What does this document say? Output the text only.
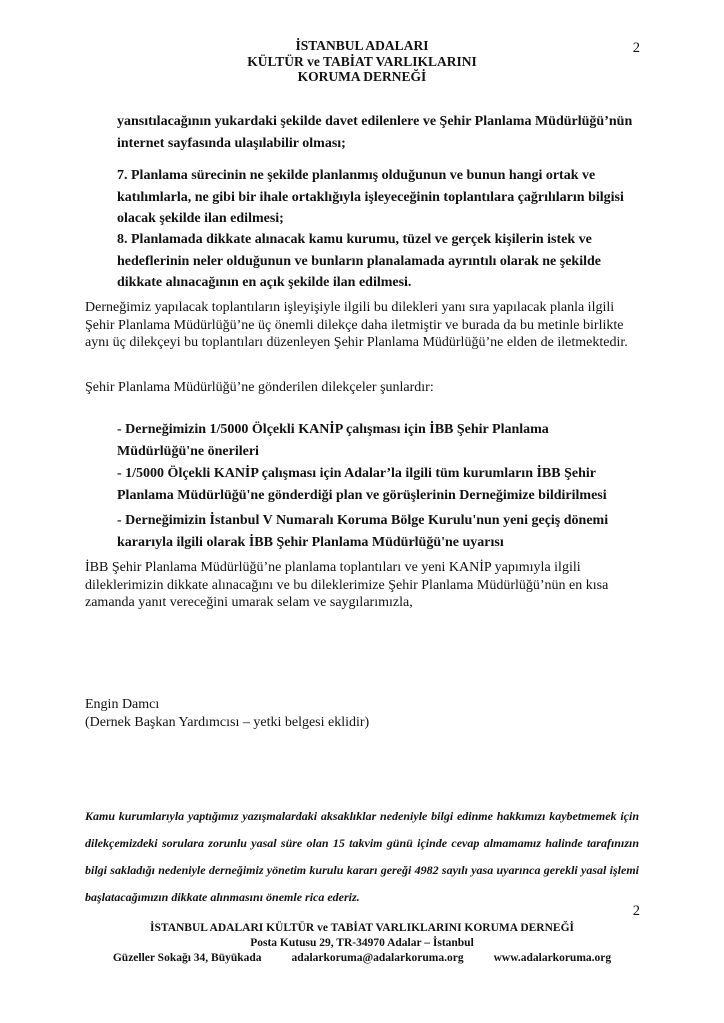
2
İSTANBUL ADALARI
KÜLTÜR ve TABİAT VARLIKLARINI
KORUMA DERNEĞİ
yansıtılacağının yukardaki şekilde davet edilenlere ve Şehir Planlama Müdürlüğü’nün internet sayfasında ulaşılabilir olması;
7. Planlama sürecinin ne şekilde planlanmış olduğunun ve bunun hangi ortak ve katılımlarla, ne gibi bir ihale ortaklığıyla işleyeceğinin toplantılara çağrılıların bilgisi olacak şekilde ilan edilmesi;
8. Planlamada dikkate alınacak kamu kurumu, tüzel ve gerçek kişilerin istek ve hedeflerinin neler olduğunun ve bunların planalamada ayrıntılı olarak ne şekilde dikkate alınacağının en açık şekilde ilan edilmesi.
Derneğimiz yapılacak toplantıların işleyişiyle ilgili bu dilekleri yanı sıra yapılacak planla ilgili Şehir Planlama Müdürlüğü’ne üç önemli dilekçe daha iletmiştir ve burada da bu metinle birlikte aynı üç dilekçeyi bu toplantıları düzenleyen Şehir Planlama Müdürlüğü’ne elden de iletmektedir.
Şehir Planlama Müdürlüğü’ne gönderilen dilekçeler şunlardır:
- Derneğimizin 1/5000 Ölçekli KANİP çalışması için İBB Şehir Planlama Müdürlüğü'ne önerileri
- 1/5000 Ölçekli KANİP çalışması için Adalar’la ilgili tüm kurumların İBB Şehir Planlama Müdürlüğü'ne gönderdiği plan ve görüşlerinin Derneğimize bildirilmesi
- Derneğimizin İstanbul V Numaralı Koruma Bölge Kurulu'nun yeni geçiş dönemi kararıyla ilgili olarak İBB Şehir Planlama Müdürlüğü'ne uyarısı
İBB Şehir Planlama Müdürlüğü’ne planlama toplantıları ve yeni KANİP yapımıyla ilgili dileklerimizin dikkate alınacağını ve bu dileklerimize Şehir Planlama Müdürlüğü’nün en kısa zamanda yanıt vereceğini umarak selam ve saygılarımızla,
Engin Damcı
(Dernek Başkan Yardımcısı – yetki belgesi eklidir)
Kamu kurumlarıyla yaptığımız yazışmalardaki aksaklıklar nedeniyle bilgi edinme hakkımızı kaybetmemek için dilekçemizdeki sorulara zorunlu yasal süre olan 15 takvim günü içinde cevap almamamız halinde tarafınızın bilgi sakladığı nedeniyle derneğimiz yönetim kurulu kararı gereği 4982 sayılı yasa uyarınca gerekli yasal işlemi başlatacağımızın dikkate alınmasını önemle rica ederiz.
2
İSTANBUL ADALARI KÜLTÜR ve TABİAT VARLIKLARINI KORUMA DERNEĞİ
Posta Kutusu 29, TR-34970 Adalar – İstanbul
Güzeller Sokağı 34, Büyükada	adalarkoruma@adalarkoruma.org	www.adalarkoruma.org
